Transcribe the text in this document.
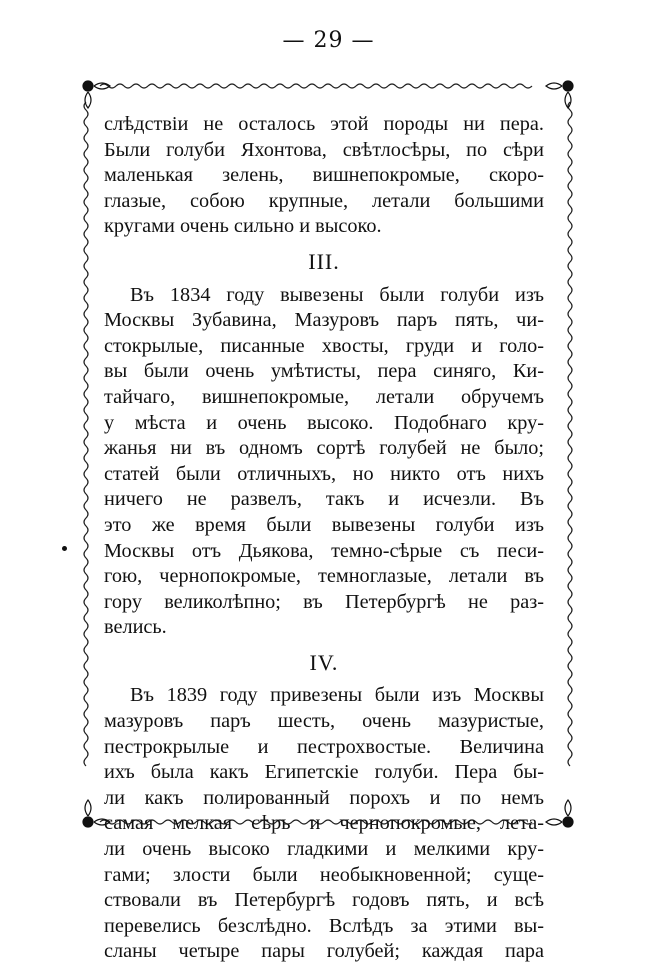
— 29 —
слѣдствіи не осталось этой породы ни пера.
Были голуби Яхонтова, свѣтлосѣры, по сѣри
маленькая зелень, вишнепокромые, скоро-
глазые, собою крупные, летали большими
кругами очень сильно и высоко.
III.
Въ 1834 году вывезены были голуби изъ
Москвы Зубавина, Мазуровъ паръ пять, чи-
стокрылые, писанные хвосты, груди и голо-
вы были очень умѣтисты, пера синяго, Ки-
тайчаго, вишнепокромые, летали обручемъ
у мѣста и очень высоко. Подобнаго кру-
жанья ни въ одномъ сортѣ голубей не было;
статей были отличныхъ, но никто отъ нихъ
ничего не развелъ, такъ и исчезли. Въ
это же время были вывезены голуби изъ
Москвы отъ Дьякова, темно-сѣрые съ песи-
гою, чернопокромые, темноглазые, летали въ
гору великолѣпно; въ Петербургѣ не раз-
велись.
IV.
Въ 1839 году привезены были изъ Москвы
мазуровъ паръ шесть, очень мазуристые,
пестрокрылые и пестрохвостые. Величина
ихъ была какъ Египетскіе голуби. Пера бы-
ли какъ полированный порохъ и по немъ
самая мелкая сѣрь и чернопокромые, лета-
ли очень высоко гладкими и мелкими кру-
гами; злости были необыкновенной; суще-
ствовали въ Петербургѣ годовъ пять, и всѣ
перевелись безслѣдно. Вслѣдъ за этими вы-
сланы четыре пары голубей; каждая пара
